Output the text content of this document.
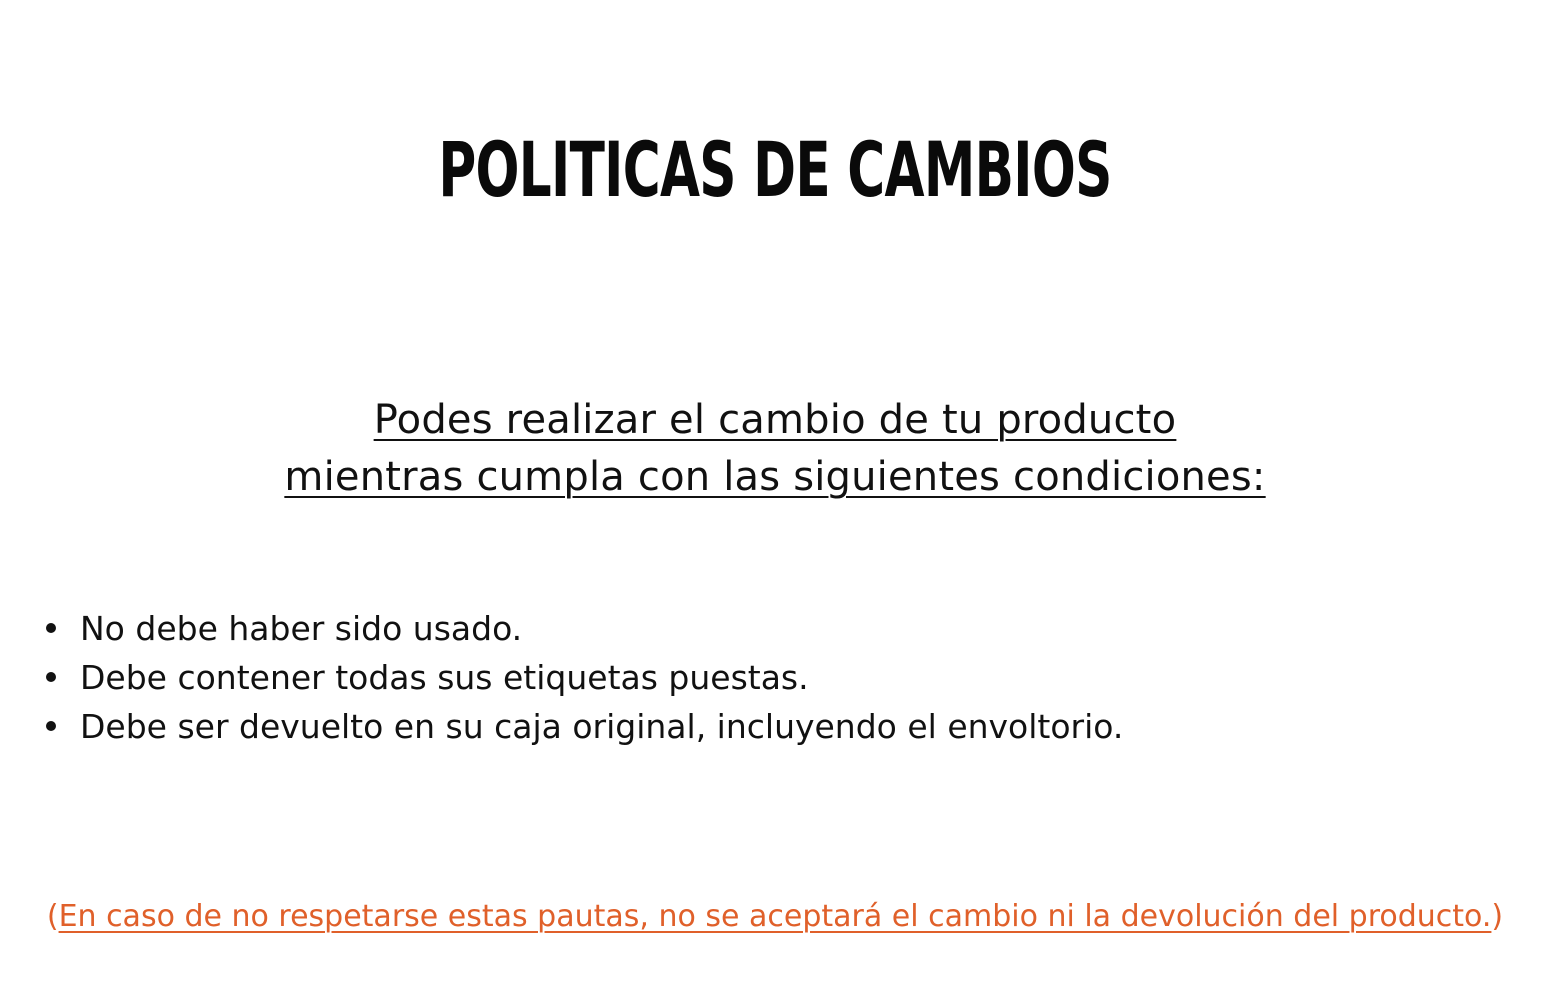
POLITICAS DE CAMBIOS

Podes realizar el cambio de tu producto
mientras cumpla con las siguientes condiciones:

No debe haber sido usado.
Debe contener todas sus etiquetas puestas.
Debe ser devuelto en su caja original, incluyendo el envoltorio.

(En caso de no respetarse estas pautas, no se aceptará el cambio ni la devolución del producto.)
